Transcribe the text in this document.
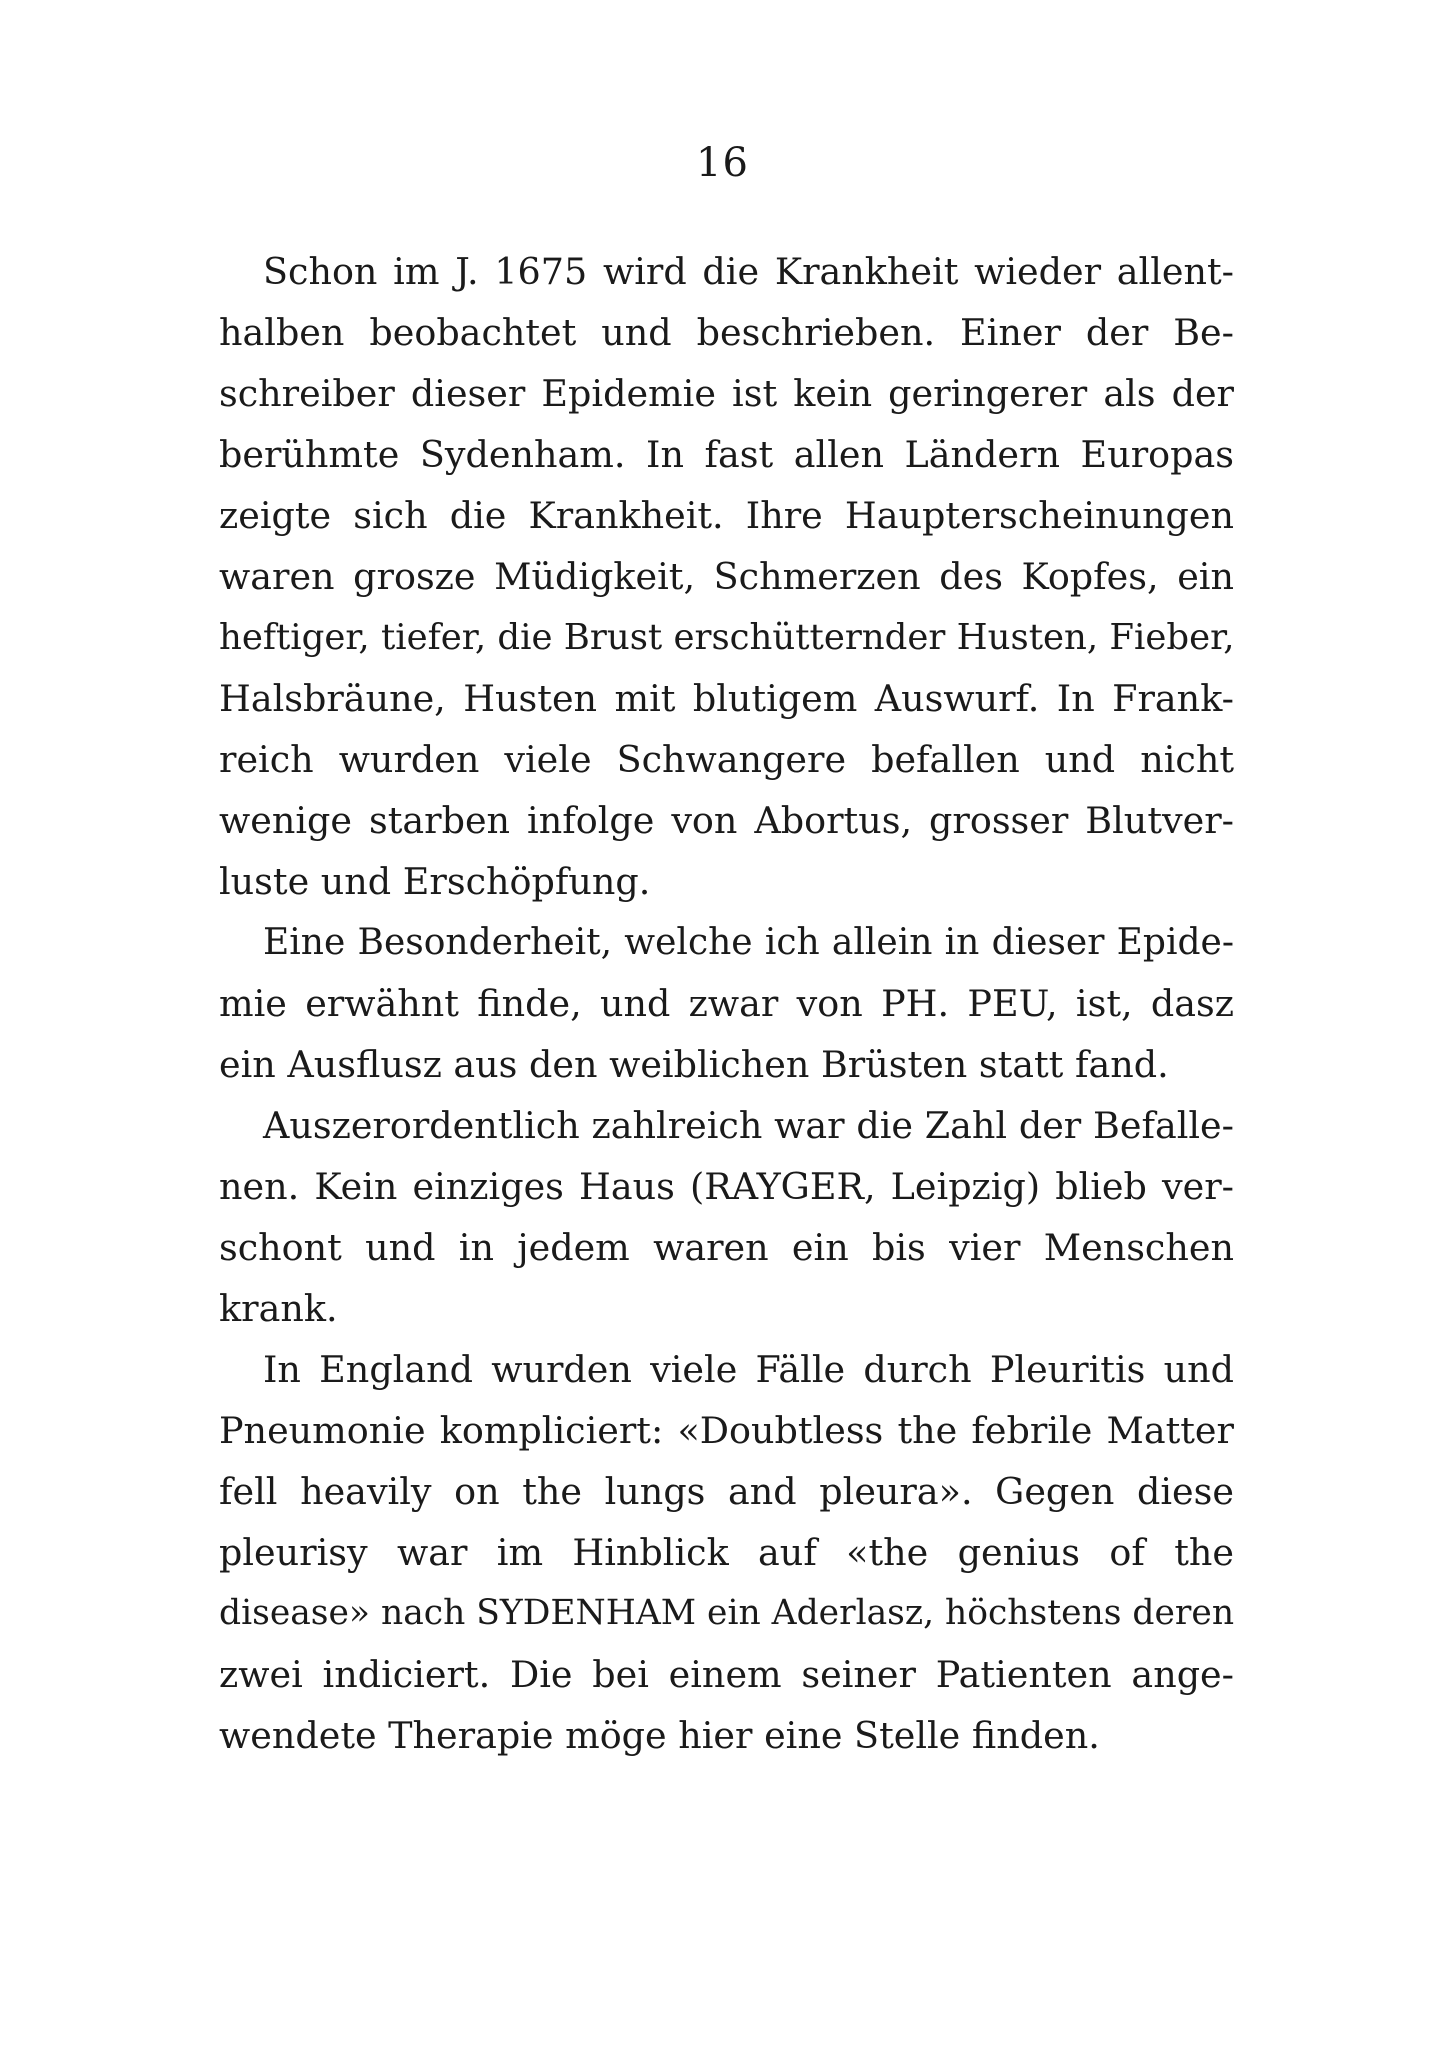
16
Schon im J. 1675 wird die Krankheit wieder allent-
halben beobachtet und beschrieben. Einer der Be-
schreiber dieser Epidemie ist kein geringerer als der
berühmte Sydenham. In fast allen Ländern Europas
zeigte sich die Krankheit. Ihre Haupterscheinungen
waren grosze Müdigkeit, Schmerzen des Kopfes, ein
heftiger, tiefer, die Brust erschütternder Husten, Fieber,
Halsbräune, Husten mit blutigem Auswurf. In Frank-
reich wurden viele Schwangere befallen und nicht
wenige starben infolge von Abortus, grosser Blutver-
luste und Erschöpfung.
Eine Besonderheit, welche ich allein in dieser Epide-
mie erwähnt finde, und zwar von PH. PEU, ist, dasz
ein Ausflusz aus den weiblichen Brüsten statt fand.
Auszerordentlich zahlreich war die Zahl der Befalle-
nen. Kein einziges Haus (RAYGER, Leipzig) blieb ver-
schont und in jedem waren ein bis vier Menschen
krank.
In England wurden viele Fälle durch Pleuritis und
Pneumonie kompliciert: «Doubtless the febrile Matter
fell heavily on the lungs and pleura». Gegen diese
pleurisy war im Hinblick auf «the genius of the
disease» nach SYDENHAM ein Aderlasz, höchstens deren
zwei indiciert. Die bei einem seiner Patienten ange-
wendete Therapie möge hier eine Stelle finden.
